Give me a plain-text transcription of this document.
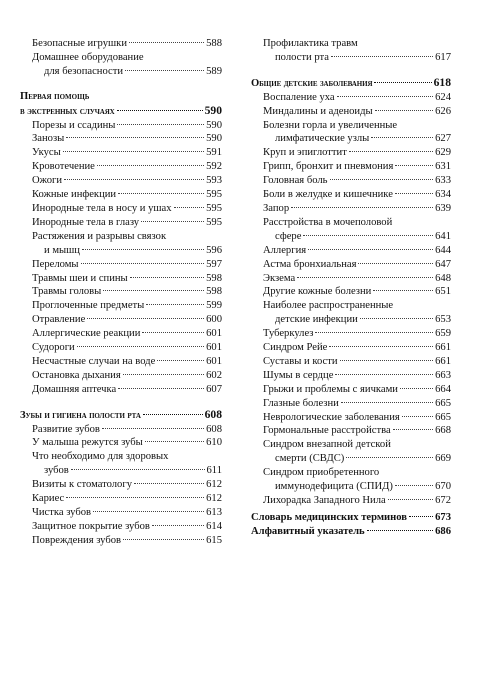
Безопасные игрушки	588
Домашнее оборудование
для безопасности	589
Первая помощь
в экстренных случаях	590
Порезы и ссадины	590
Занозы	590
Укусы	591
Кровотечение	592
Ожоги	593
Кожные инфекции	595
Инородные тела в носу и ушах	595
Инородные тела в глазу	595
Растяжения и разрывы связок
и мышц	596
Переломы	597
Травмы шеи и спины	598
Травмы головы	598
Проглоченные предметы	599
Отравление	600
Аллергические реакции	601
Судороги	601
Несчастные случаи на воде	601
Остановка дыхания	602
Домашняя аптечка	607
Зубы и гигиена полости рта	608
Развитие зубов	608
У малыша режутся зубы	610
Что необходимо для здоровых
зубов	611
Визиты к стоматологу	612
Кариес	612
Чистка зубов	613
Защитное покрытие зубов	614
Повреждения зубов	615
Профилактика травм
полости рта	617
Общие детские заболевания	618
Воспаление уха	624
Миндалины и аденоиды	626
Болезни горла и увеличенные
лимфатические узлы	627
Круп и эпиглоттит	629
Грипп, бронхит и пневмония	631
Головная боль	633
Боли в желудке и кишечнике	634
Запор	639
Расстройства в мочеполовой
сфере	641
Аллергия	644
Астма бронхиальная	647
Экзема	648
Другие кожные болезни	651
Наиболее распространенные
детские инфекции	653
Туберкулез	659
Синдром Рейе	661
Суставы и кости	661
Шумы в сердце	663
Грыжи и проблемы с яичками	664
Глазные болезни	665
Неврологические заболевания	665
Гормональные расстройства	668
Синдром внезапной детской
смерти (СВДС)	669
Синдром приобретенного
иммунодефицита (СПИД)	670
Лихорадка Западного Нила	672
Словарь медицинских терминов	673
Алфавитный указатель	686
